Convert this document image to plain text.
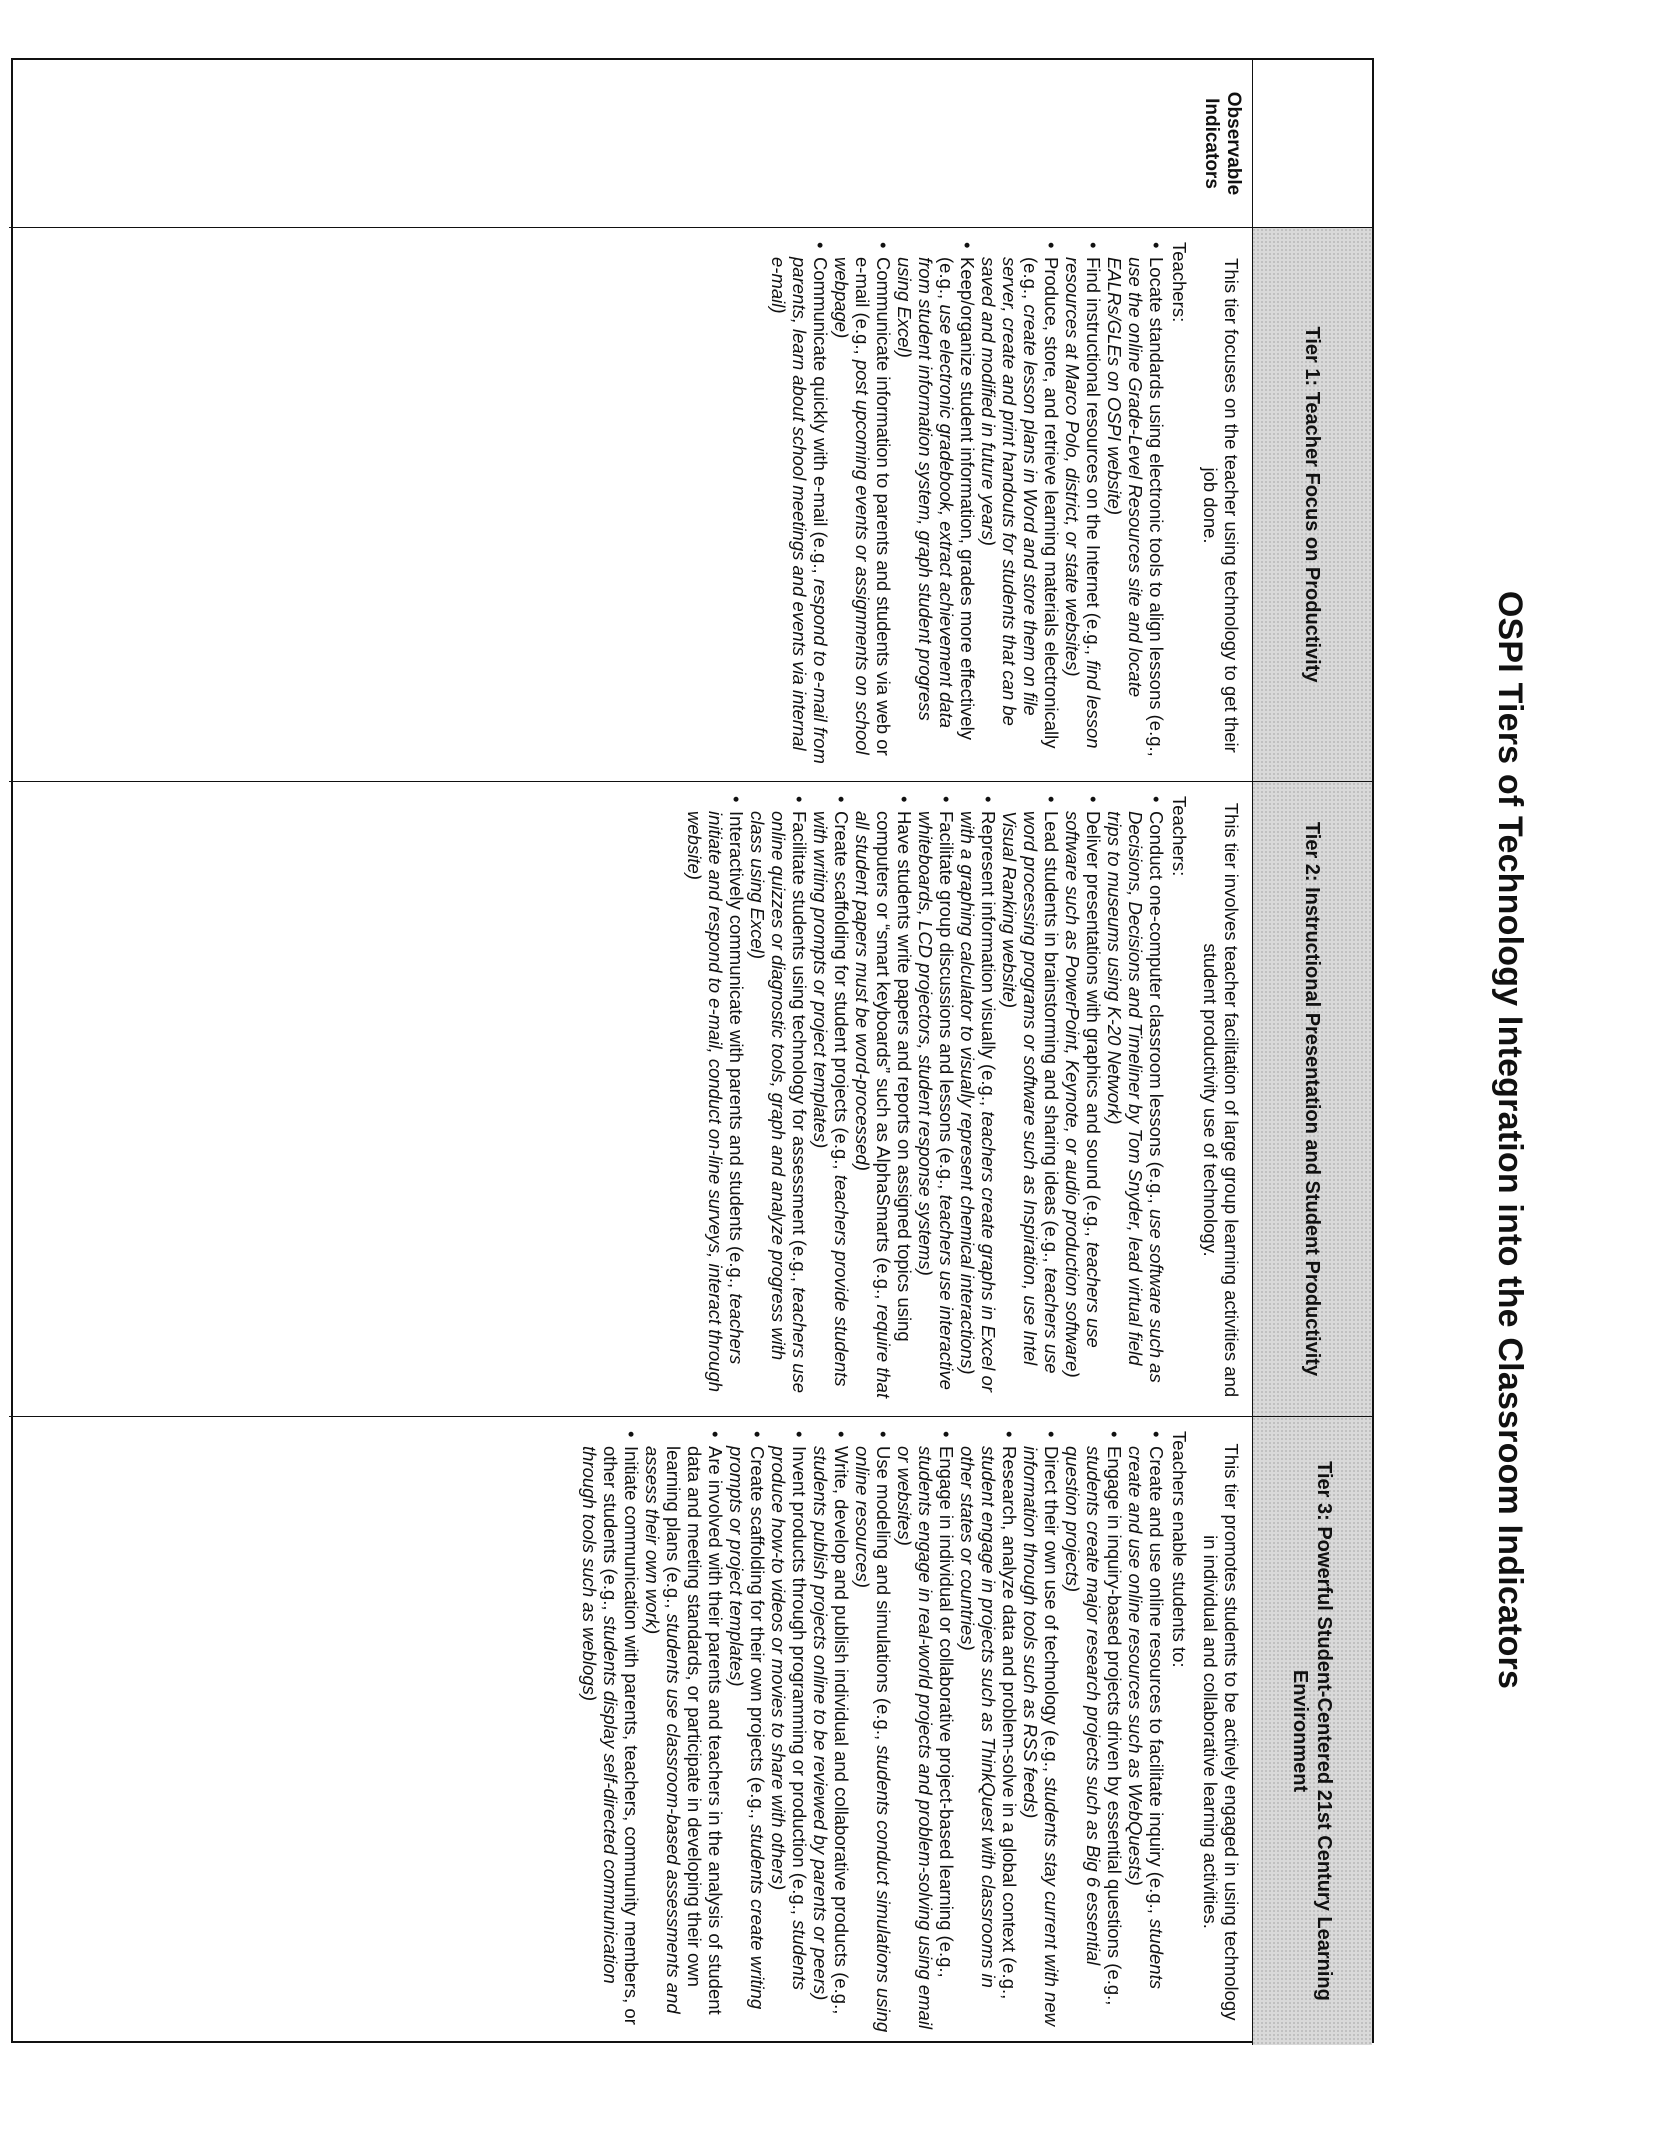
OSPI Tiers of Technology Integration into the Classroom Indicators
Tier 1: Teacher Focus on Productivity
Tier 2: Instructional Presentation and Student Productivity
Tier 3: Powerful Student-Centered 21st Century Learning Environment
Observable Indicators
This tier focuses on the teacher using technology to get their job done.
Teachers:
•
Locate standards using electronic tools to align lessons (e.g., use the online Grade-Level Resources site and locate EALRs/GLEs on OSPI website)
•
Find instructional resources on the Internet (e.g., find lesson resources at Marco Polo, district, or state websites)
•
Produce, store, and retrieve learning materials electronically (e.g., create lesson plans in Word and store them on file server, create and print handouts for students that can be saved and modified in future years)
•
Keep/organize student information, grades more effectively (e.g., use electronic gradebook, extract achievement data from student information system, graph student progress using Excel)
•
Communicate information to parents and students via web or e-mail (e.g., post upcoming events or assignments on school webpage)
•
Communicate quickly with e-mail (e.g., respond to e-mail from parents, learn about school meetings and events via internal e-mail)
This tier involves teacher facilitation of large group learning activities and student productivity use of technology.
Teachers:
•
Conduct one-computer classroom lessons (e.g., use software such as Decisions, Decisions and Timeliner by Tom Snyder, lead virtual field trips to museums using K-20 Network)
•
Deliver presentations with graphics and sound (e.g., teachers use software such as PowerPoint, Keynote, or audio production software)
•
Lead students in brainstorming and sharing ideas (e.g., teachers use word processing programs or software such as Inspiration, use Intel Visual Ranking website)
•
Represent information visually (e.g., teachers create graphs in Excel or with a graphing calculator to visually represent chemical interactions)
•
Facilitate group discussions and lessons (e.g., teachers use interactive whiteboards, LCD projectors, student response systems)
•
Have students write papers and reports on assigned topics using computers or “smart keyboards” such as AlphaSmarts (e.g., require that all student papers must be word-processed)
•
Create scaffolding for student projects (e.g., teachers provide students with writing prompts or project templates)
•
Facilitate students using technology for assessment (e.g., teachers use online quizzes or diagnostic tools, graph and analyze progress with class using Excel)
•
Interactively communicate with parents and students (e.g., teachers initiate and respond to e-mail, conduct on-line surveys, interact through website)
This tier promotes students to be actively engaged in using technology in individual and collaborative learning activities.
Teachers enable students to:
•
Create and use online resources to facilitate inquiry (e.g., students create and use online resources such as WebQuests)
•
Engage in inquiry-based projects driven by essential questions (e.g., students create major research projects such as Big 6 essential question projects)
•
Direct their own use of technology (e.g., students stay current with new information through tools such as RSS feeds)
•
Research, analyze data and problem-solve in a global context (e.g., student engage in projects such as ThinkQuest with classrooms in other states or countries)
•
Engage in individual or collaborative project-based learning (e.g., students engage in real-world projects and problem-solving using email or websites)
•
Use modeling and simulations (e.g., students conduct simulations using online resources)
•
Write, develop and publish individual and collaborative products (e.g., students publish projects online to be reviewed by parents or peers)
•
Invent products through programming or production (e.g., students produce how-to videos or movies to share with others)
•
Create scaffolding for their own projects (e.g., students create writing prompts or project templates)
•
Are involved with their parents and teachers in the analysis of student data and meeting standards, or participate in developing their own learning plans (e.g., students use classroom-based assessments and assess their own work)
•
Initiate communication with parents, teachers, community members, or other students (e.g., students display self-directed communication through tools such as weblogs)
